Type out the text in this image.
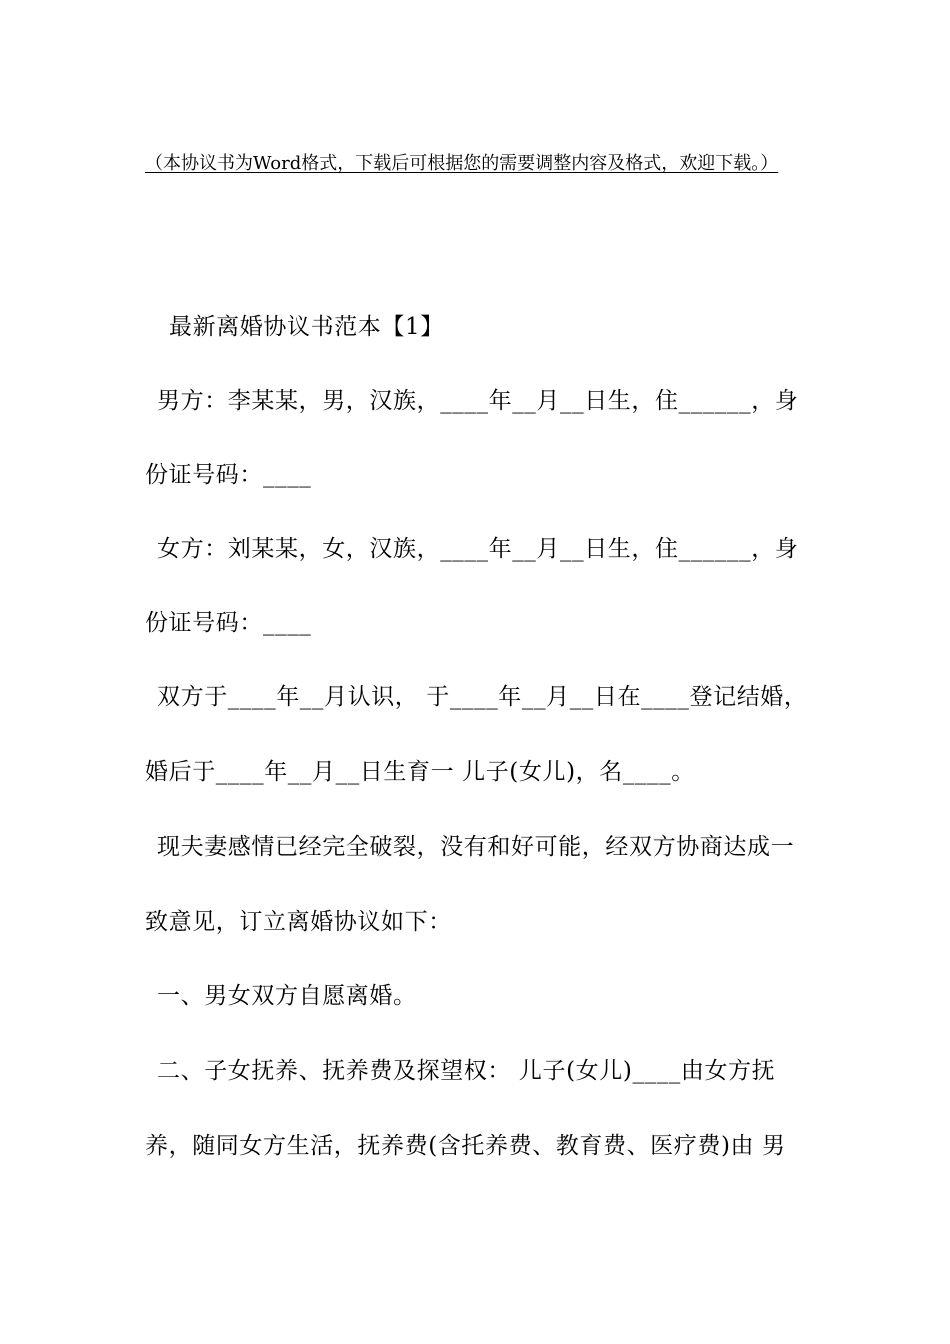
（本协议书为Word格式，下载后可根据您的需要调整内容及格式，欢迎下载。）
最新离婚协议书范本【1】
男方：李某某，男，汉族，____年__月__日生，住______，身
份证号码：____
女方：刘某某，女，汉族，____年__月__日生，住______，身
份证号码：____
双方于____年__月认识， 于____年__月__日在____登记结婚，
婚后于____年__月__日生育一 儿子(女儿)，名____。
现夫妻感情已经完全破裂，没有和好可能，经双方协商达成一
致意见，订立离婚协议如下：
一、男女双方自愿离婚。
二、子女抚养、抚养费及探望权： 儿子(女儿)____由女方抚
养，随同女方生活，抚养费(含托养费、教育费、医疗费)由 男
